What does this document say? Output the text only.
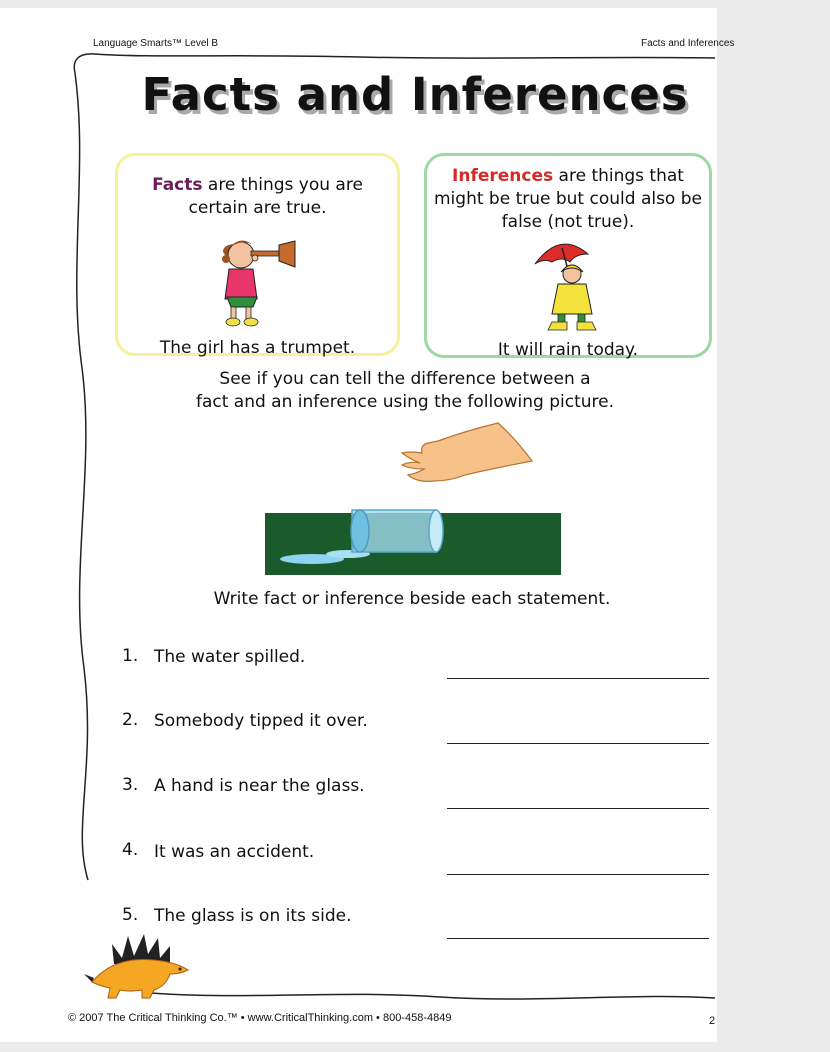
Language Smarts™ Level B	Facts and Inferences
Facts and Inferences
Facts are things you are certain are true.
The girl has a trumpet.
Inferences are things that might be true but could also be false (not true).
It will rain today.
See if you can tell the difference between a
fact and an inference using the following picture.
Write fact or inference beside each statement.
1. The water spilled.
2. Somebody tipped it over.
3. A hand is near the glass.
4. It was an accident.
5. The glass is on its side.
© 2007 The Critical Thinking Co.™ • www.CriticalThinking.com • 800-458-4849	2
